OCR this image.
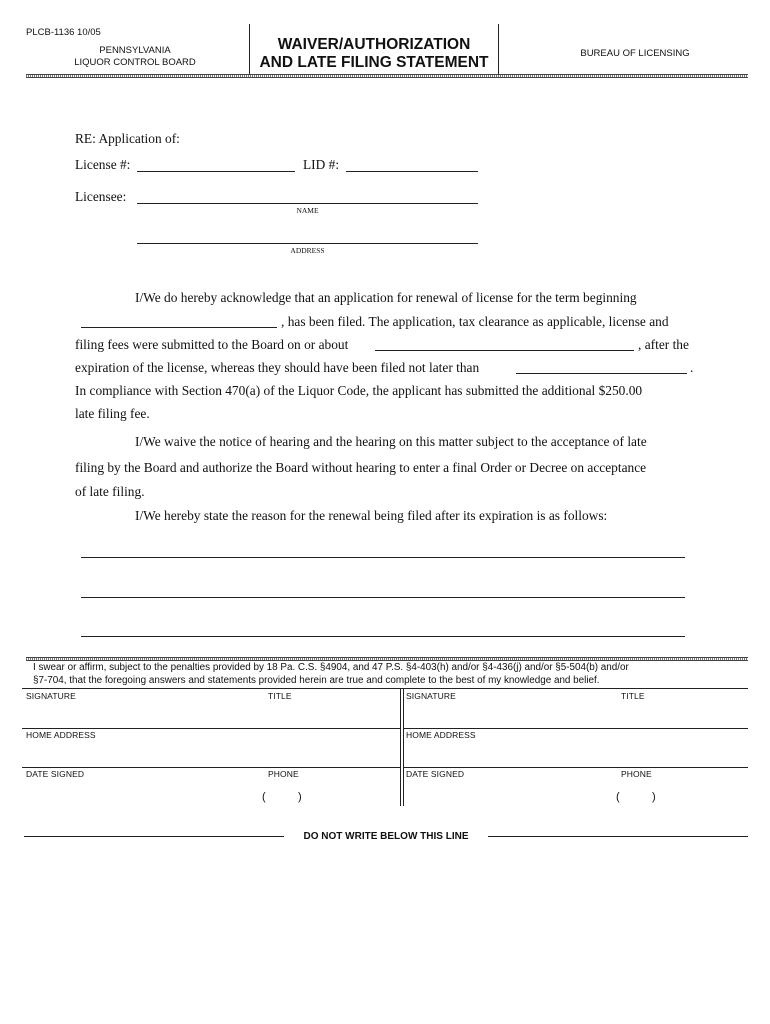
PLCB-1136 10/05
PENNSYLVANIA
LIQUOR CONTROL BOARD
WAIVER/AUTHORIZATION
AND LATE FILING STATEMENT
BUREAU OF LICENSING
RE: Application of:
License #:	LID #:
Licensee:
NAME
ADDRESS
I/We do hereby acknowledge that an application for renewal of license for the term beginning
, has been filed. The application, tax clearance as applicable, license and
filing fees were submitted to the Board on or about	, after the
expiration of the license, whereas they should have been filed not later than	.
In compliance with Section 470(a) of the Liquor Code, the applicant has submitted the additional $250.00
late filing fee.
I/We waive the notice of hearing and the hearing on this matter subject to the acceptance of late
filing by the Board and authorize the Board without hearing to enter a final Order or Decree on acceptance
of late filing.
I/We hereby state the reason for the renewal being filed after its expiration is as follows:
I swear or affirm, subject to the penalties provided by 18 Pa. C.S. §4904, and 47 P.S. §4-403(h) and/or §4-436(j) and/or §5-504(b) and/or
§7-704, that the foregoing answers and statements provided herein are true and complete to the best of my knowledge and belief.
SIGNATURE	TITLE
HOME ADDRESS
DATE SIGNED	PHONE
(	)
SIGNATURE	TITLE
HOME ADDRESS
DATE SIGNED	PHONE
(	)
DO NOT WRITE BELOW THIS LINE
